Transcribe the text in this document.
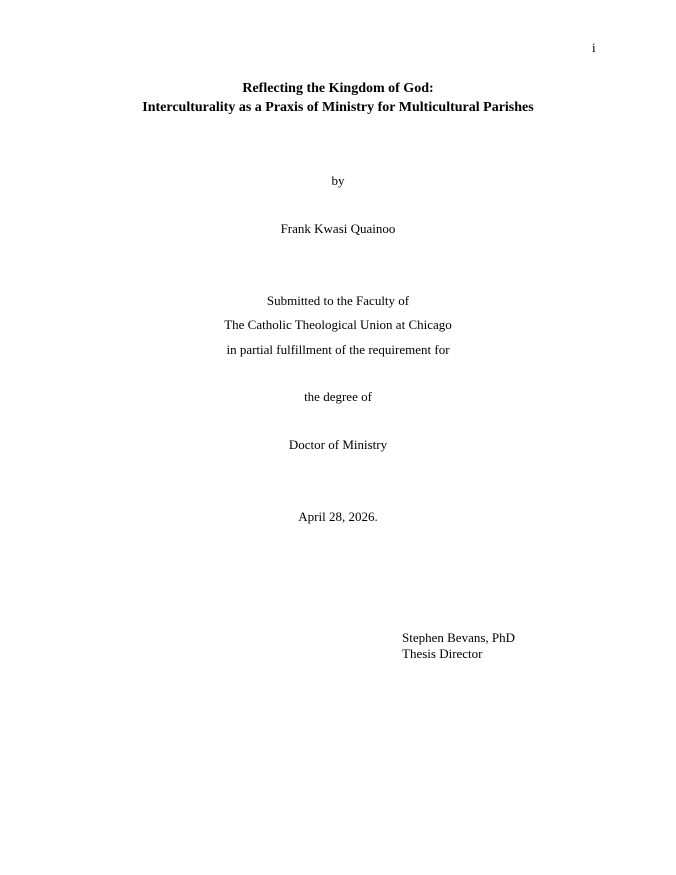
i
Reflecting the Kingdom of God:
Interculturality as a Praxis of Ministry for Multicultural Parishes
by
Frank Kwasi Quainoo
Submitted to the Faculty of
The Catholic Theological Union at Chicago
in partial fulfillment of the requirement for
the degree of
Doctor of Ministry
April 28, 2026.
Stephen Bevans, PhD
Thesis Director
